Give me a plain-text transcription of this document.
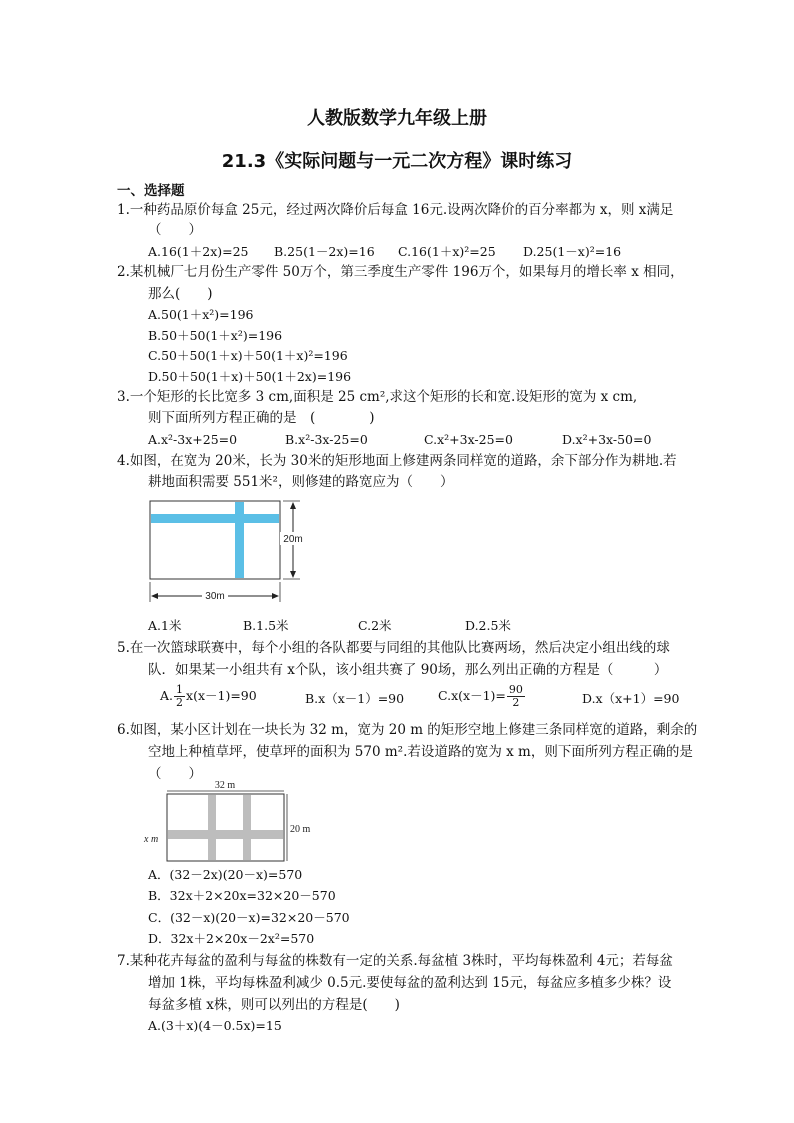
人教版数学九年级上册
21.3《实际问题与一元二次方程》课时练习
一、选择题
1.一种药品原价每盒 25元，经过两次降价后每盒 16元.设两次降价的百分率都为 x，则 x满足
（　　）
A.16(1＋2x)=25 B.25(1－2x)=16 C.16(1＋x)²=25 D.25(1－x)²=16
2.某机械厂七月份生产零件 50万个，第三季度生产零件 196万个，如果每月的增长率 x 相同，
那么(　　)
A.50(1＋x²)=196
B.50＋50(1＋x²)=196
C.50＋50(1＋x)＋50(1＋x)²=196
D.50＋50(1＋x)＋50(1＋2x)=196
3.一个矩形的长比宽多 3 cm,面积是 25 cm²,求这个矩形的长和宽.设矩形的宽为 x cm,
则下面所列方程正确的是　(　　　　)
A.x²-3x+25=0	B.x²-3x-25=0	C.x²+3x-25=0	D.x²+3x-50=0
4.如图，在宽为 20米，长为 30米的矩形地面上修建两条同样宽的道路，余下部分作为耕地.若
耕地面积需要 551米²，则修建的路宽应为（　　）
20m
30m
A.1米	B.1.5米	C.2米	D.2.5米
5.在一次篮球联赛中，每个小组的各队都要与同组的其他队比赛两场，然后决定小组出线的球
队．如果某一小组共有 x个队，该小组共赛了 90场，那么列出正确的方程是（　　　）
A. $\frac{1}{2} x(x-1)=90$	B.x（x－1）=90	$C.x(x-1)= \frac{90}{2}$	D.x（x+1）=90
6.如图，某小区计划在一块长为 32 m，宽为 20 m 的矩形空地上修建三条同样宽的道路，剩余的
空地上种植草坪，使草坪的面积为 570 m².若设道路的宽为 x m，则下面所列方程正确的是
（　　）
32 m
20 m
x m
A．(32－2x)(20－x)=570
B．32x＋2×20x=32×20－570
C．(32－x)(20－x)=32×20－570
D．32x＋2×20x－2x²=570
7.某种花卉每盆的盈利与每盆的株数有一定的关系.每盆植 3株时，平均每株盈利 4元；若每盆
增加 1株，平均每株盈利减少 0.5元.要使每盆的盈利达到 15元，每盆应多植多少株？设
每盆多植 x株，则可以列出的方程是(　　)
A.(3＋x)(4－0.5x)=15
